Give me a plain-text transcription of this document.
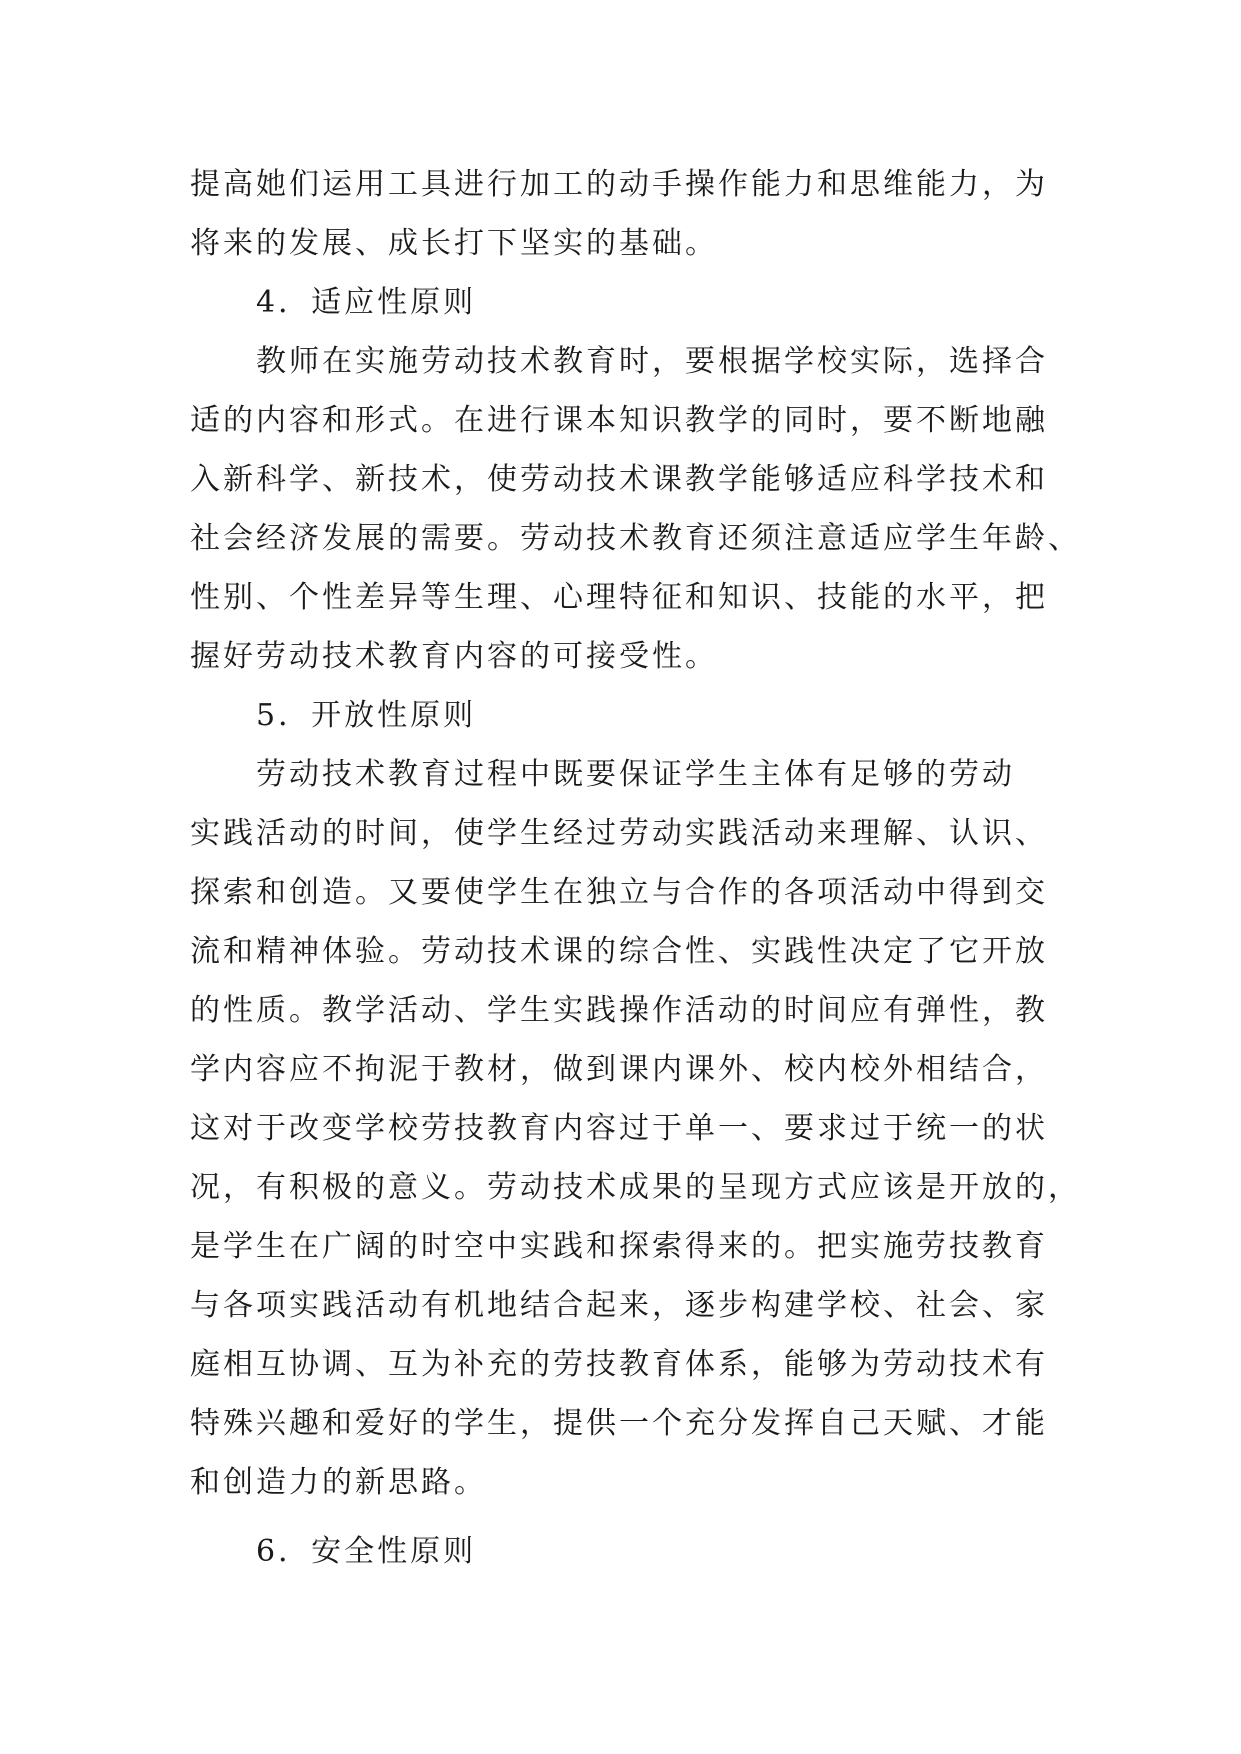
提高她们运用工具进行加工的动手操作能力和思维能力，为
将来的发展、成长打下坚实的基础。
4．适应性原则
教师在实施劳动技术教育时，要根据学校实际，选择合
适的内容和形式。在进行课本知识教学的同时，要不断地融
入新科学、新技术，使劳动技术课教学能够适应科学技术和
社会经济发展的需要。劳动技术教育还须注意适应学生年龄、
性别、个性差异等生理、心理特征和知识、技能的水平，把
握好劳动技术教育内容的可接受性。
5．开放性原则
劳动技术教育过程中既要保证学生主体有足够的劳动
实践活动的时间，使学生经过劳动实践活动来理解、认识、
探索和创造。又要使学生在独立与合作的各项活动中得到交
流和精神体验。劳动技术课的综合性、实践性决定了它开放
的性质。教学活动、学生实践操作活动的时间应有弹性，教
学内容应不拘泥于教材，做到课内课外、校内校外相结合，
这对于改变学校劳技教育内容过于单一、要求过于统一的状
况，有积极的意义。劳动技术成果的呈现方式应该是开放的，
是学生在广阔的时空中实践和探索得来的。把实施劳技教育
与各项实践活动有机地结合起来，逐步构建学校、社会、家
庭相互协调、互为补充的劳技教育体系，能够为劳动技术有
特殊兴趣和爱好的学生，提供一个充分发挥自己天赋、才能
和创造力的新思路。
6．安全性原则
